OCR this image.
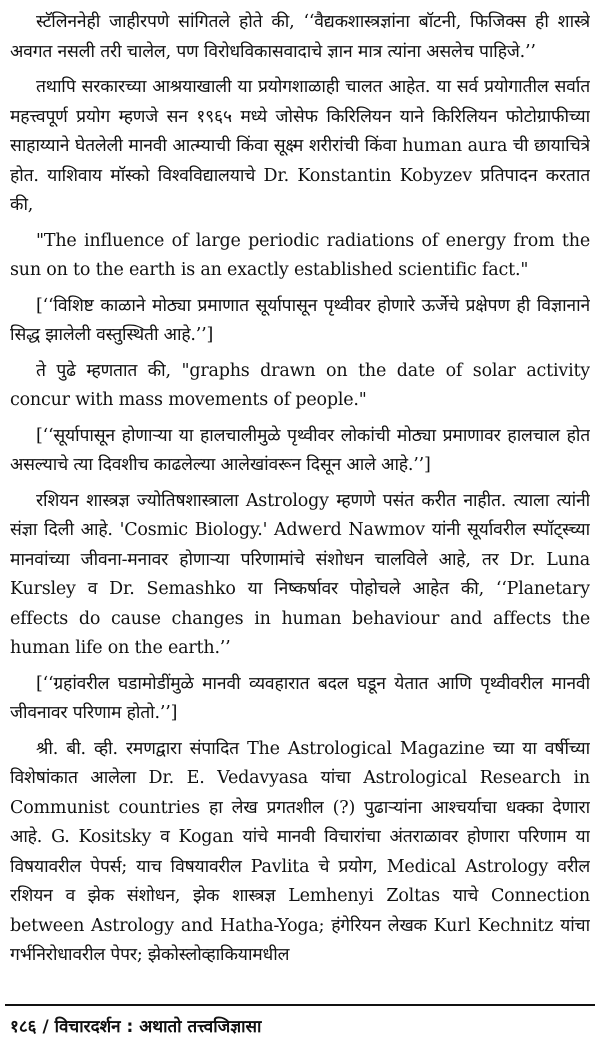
स्टॅलिननेही जाहीरपणे सांगितले होते की, ‘‘वैद्यकशास्त्रज्ञांना बॉटनी, फिजिक्स ही शास्त्रे अवगत नसली तरी चालेल, पण विरोधविकासवादाचे ज्ञान मात्र त्यांना असलेच पाहिजे.’’

तथापि सरकारच्या आश्रयाखाली या प्रयोगशाळाही चालत आहेत. या सर्व प्रयोगातील सर्वात महत्त्वपूर्ण प्रयोग म्हणजे सन १९६५ मध्ये जोसेफ किरिलियन याने किरिलियन फोटोग्राफीच्या साहाय्याने घेतलेली मानवी आत्म्याची किंवा सूक्ष्म शरीरांची किंवा human aura ची छायाचित्रे होत. याशिवाय मॉस्को विश्वविद्यालयाचे Dr. Konstantin Kobyzev प्रतिपादन करतात की,

"The influence of large periodic radiations of energy from the sun on to the earth is an exactly established scientific fact."

[‘‘विशिष्ट काळाने मोठ्या प्रमाणात सूर्यापासून पृथ्वीवर होणारे ऊर्जेचे प्रक्षेपण ही विज्ञानाने सिद्ध झालेली वस्तुस्थिती आहे.’’]

ते पुढे म्हणतात की, "graphs drawn on the date of solar activity concur with mass movements of people."

[‘‘सूर्यापासून होणाऱ्या या हालचालीमुळे पृथ्वीवर लोकांची मोठ्या प्रमाणावर हालचाल होत असल्याचे त्या दिवशीच काढलेल्या आलेखांवरून दिसून आले आहे.’’]

रशियन शास्त्रज्ञ ज्योतिषशास्त्राला Astrology म्हणणे पसंत करीत नाहीत. त्याला त्यांनी संज्ञा दिली आहे. 'Cosmic Biology.' Adwerd Nawmov यांनी सूर्यावरील स्पॉट्स्च्या मानवांच्या जीवना-मनावर होणाऱ्या परिणामांचे संशोधन चालविले आहे, तर Dr. Luna Kursley व Dr. Semashko या निष्कर्षावर पोहोचले आहेत की, ‘‘Planetary effects do cause changes in human behaviour and affects the human life on the earth.’’

[‘‘ग्रहांवरील घडामोडींमुळे मानवी व्यवहारात बदल घडून येतात आणि पृथ्वीवरील मानवी जीवनावर परिणाम होतो.’’]

श्री. बी. व्ही. रमणद्वारा संपादित The Astrological Magazine च्या या वर्षीच्या विशेषांकात आलेला Dr. E. Vedavyasa यांचा Astrological Research in Communist countries हा लेख प्रगतशील (?) पुढाऱ्यांना आश्चर्याचा धक्का देणारा आहे. G. Kositsky व Kogan यांचे मानवी विचारांचा अंतराळावर होणारा परिणाम या विषयावरील पेपर्स; याच विषयावरील Pavlita चे प्रयोग, Medical Astrology वरील रशियन व झेक संशोधन, झेक शास्त्रज्ञ Lemhenyi Zoltas याचे Connection between Astrology and Hatha-Yoga; हंगेरियन लेखक Kurl Kechnitz यांचा गर्भनिरोधावरील पेपर; झेकोस्लोव्हाकियामधील

१८६ / विचारदर्शन : अथातो तत्त्वजिज्ञासा
